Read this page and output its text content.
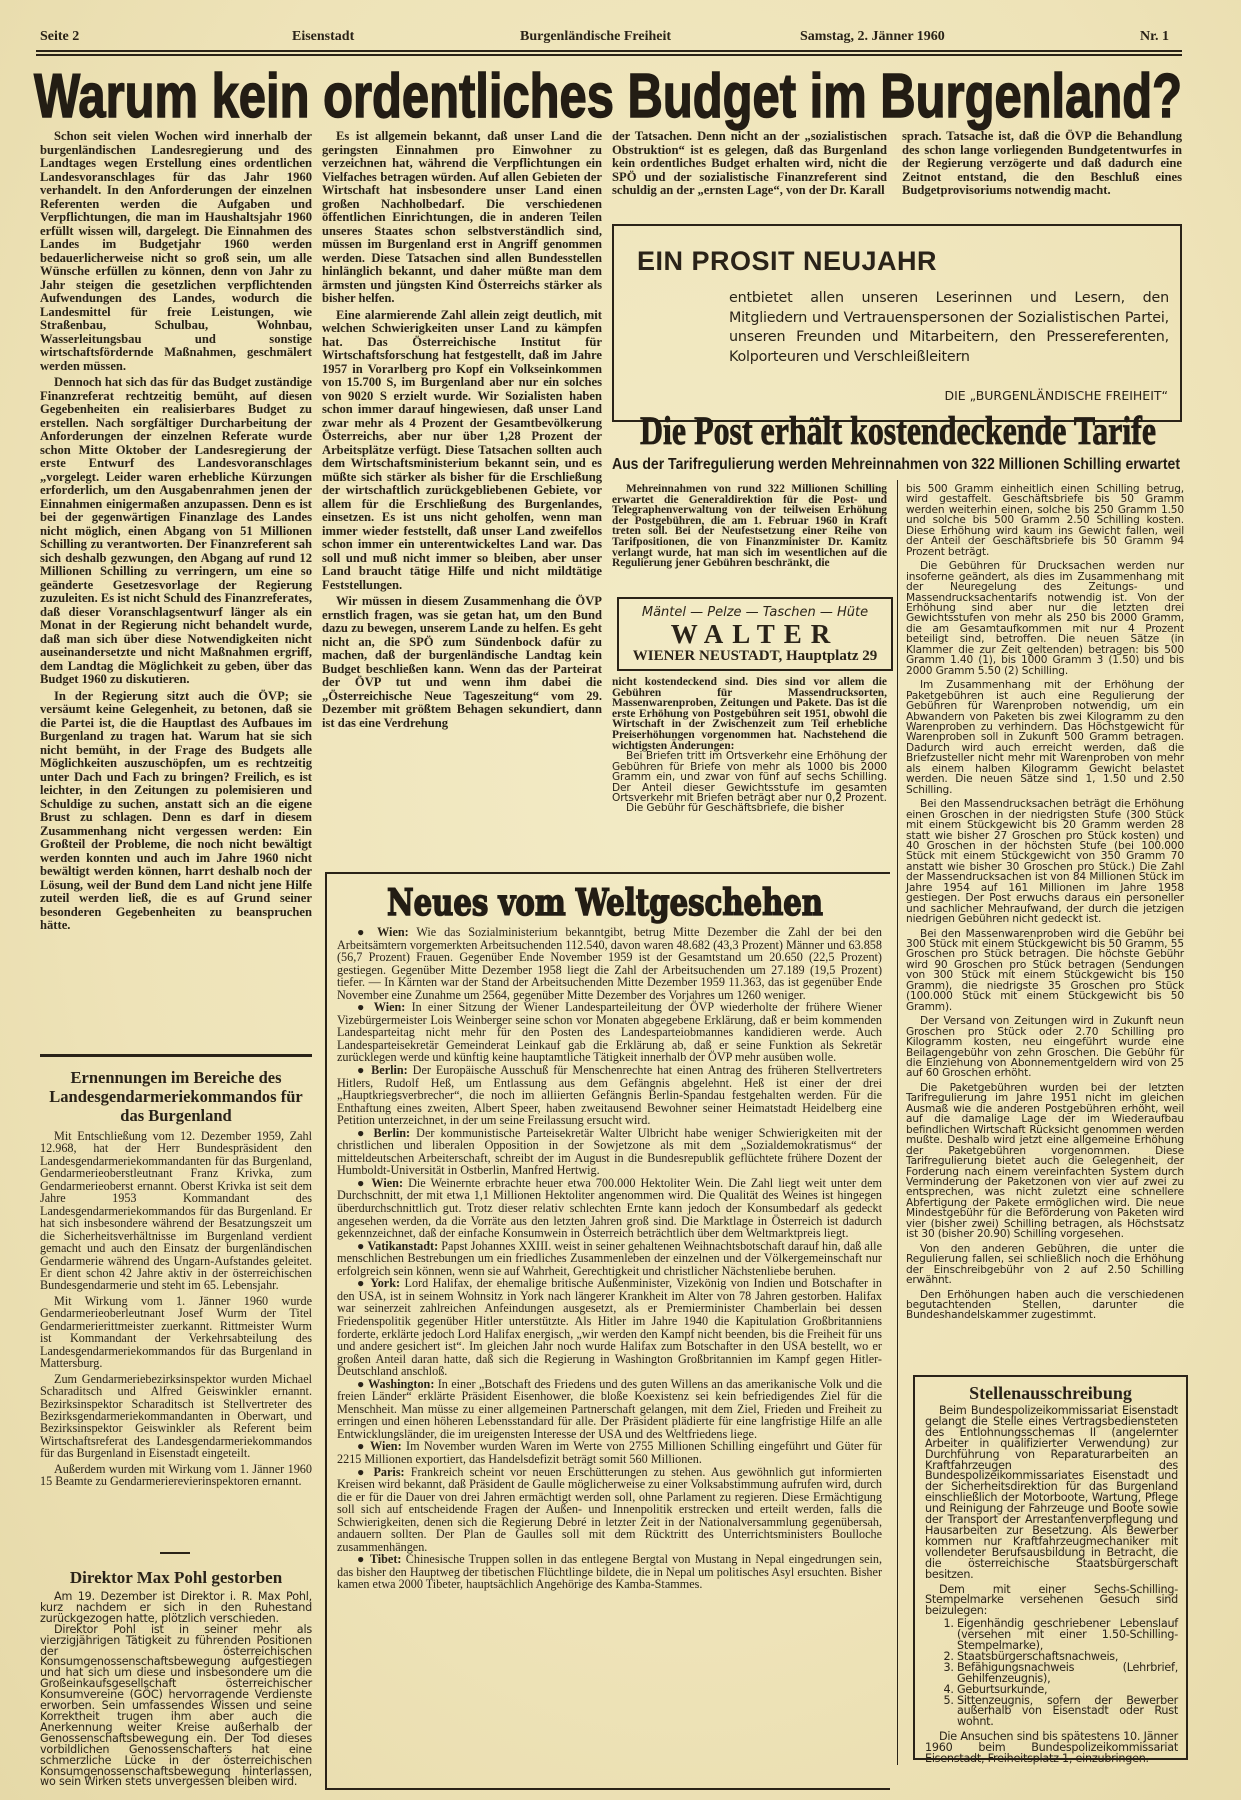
Seite 2	Eisenstadt	Burgenländische Freiheit	Samstag, 2. Jänner 1960	Nr. 1
Warum kein ordentliches Budget im Burgenland?

Schon seit vielen Wochen wird innerhalb der burgenländischen Landesregierung und des Landtages wegen Erstellung eines ordentlichen Landesvoranschlages für das Jahr 1960 verhandelt. In den Anforderungen der einzelnen Referenten werden die Aufgaben und Verpflichtungen, die man im Haushaltsjahr 1960 erfüllt wissen will, dargelegt. Die Einnahmen des Landes im Budgetjahr 1960 werden bedauerlicherweise nicht so groß sein, um alle Wünsche erfüllen zu können, denn von Jahr zu Jahr steigen die gesetzlichen verpflichtenden Aufwendungen des Landes, wodurch die Landesmittel für freie Leistungen, wie Straßenbau, Schulbau, Wohnbau, Wasserleitungsbau und sonstige wirtschaftsfördernde Maßnahmen, geschmälert werden müssen.

Dennoch hat sich das für das Budget zuständige Finanzreferat rechtzeitig bemüht, auf diesen Gegebenheiten ein realisierbares Budget zu erstellen. Nach sorgfältiger Durcharbeitung der Anforderungen der einzelnen Referate wurde schon Mitte Oktober der Landesregierung der erste Entwurf des Landesvoranschlages „vorgelegt. Leider waren erhebliche Kürzungen erforderlich, um den Ausgabenrahmen jenen der Einnahmen einigermaßen anzupassen. Denn es ist bei der gegenwärtigen Finanzlage des Landes nicht möglich, einen Abgang von 51 Millionen Schilling zu verantworten. Der Finanzreferent sah sich deshalb gezwungen, den Abgang auf rund 12 Millionen Schilling zu verringern, um eine so geänderte Gesetzesvorlage der Regierung zuzuleiten. Es ist nicht Schuld des Finanzreferates, daß dieser Voranschlagsentwurf länger als ein Monat in der Regierung nicht behandelt wurde, daß man sich über diese Notwendigkeiten nicht auseinandersetzte und nicht Maßnahmen ergriff, dem Landtag die Möglichkeit zu geben, über das Budget 1960 zu diskutieren.

In der Regierung sitzt auch die ÖVP; sie versäumt keine Gelegenheit, zu betonen, daß sie die Partei ist, die die Hauptlast des Aufbaues im Burgenland zu tragen hat. Warum hat sie sich nicht bemüht, in der Frage des Budgets alle Möglichkeiten auszuschöpfen, um es rechtzeitig unter Dach und Fach zu bringen? Freilich, es ist leichter, in den Zeitungen zu polemisieren und Schuldige zu suchen, anstatt sich an die eigene Brust zu schlagen. Denn es darf in diesem Zusammenhang nicht vergessen werden: Ein Großteil der Probleme, die noch nicht bewältigt werden konnten und auch im Jahre 1960 nicht bewältigt werden können, harrt deshalb noch der Lösung, weil der Bund dem Land nicht jene Hilfe zuteil werden ließ, die es auf Grund seiner besonderen Gegebenheiten zu beanspruchen hätte.

Es ist allgemein bekannt, daß unser Land die geringsten Einnahmen pro Einwohner zu verzeichnen hat, während die Verpflichtungen ein Vielfaches betragen würden. Auf allen Gebieten der Wirtschaft hat insbesondere unser Land einen großen Nachholbedarf. Die verschiedenen öffentlichen Einrichtungen, die in anderen Teilen unseres Staates schon selbstverständlich sind, müssen im Burgenland erst in Angriff genommen werden. Diese Tatsachen sind allen Bundesstellen hinlänglich bekannt, und daher müßte man dem ärmsten und jüngsten Kind Österreichs stärker als bisher helfen.

Eine alarmierende Zahl allein zeigt deutlich, mit welchen Schwierigkeiten unser Land zu kämpfen hat. Das Österreichische Institut für Wirtschaftsforschung hat festgestellt, daß im Jahre 1957 in Vorarlberg pro Kopf ein Volkseinkommen von 15.700 S, im Burgenland aber nur ein solches von 9020 S erzielt wurde. Wir Sozialisten haben schon immer darauf hingewiesen, daß unser Land zwar mehr als 4 Prozent der Gesamtbevölkerung Österreichs, aber nur über 1,28 Prozent der Arbeitsplätze verfügt. Diese Tatsachen sollten auch dem Wirtschaftsministerium bekannt sein, und es müßte sich stärker als bisher für die Erschließung der wirtschaftlich zurückgebliebenen Gebiete, vor allem für die Erschließung des Burgenlandes, einsetzen. Es ist uns nicht geholfen, wenn man immer wieder feststellt, daß unser Land zweifellos schon immer ein unterentwickeltes Land war. Das soll und muß nicht immer so bleiben, aber unser Land braucht tätige Hilfe und nicht mildtätige Feststellungen.

Wir müssen in diesem Zusammenhang die ÖVP ernstlich fragen, was sie getan hat, um den Bund dazu zu bewegen, unserem Lande zu helfen. Es geht nicht an, die SPÖ zum Sündenbock dafür zu machen, daß der burgenländische Landtag kein Budget beschließen kann. Wenn das der Parteirat der ÖVP tut und wenn ihm dabei die „Österreichische Neue Tageszeitung“ vom 29. Dezember mit größtem Behagen sekundiert, dann ist das eine Verdrehung

der Tatsachen. Denn nicht an der „sozialistischen Obstruktion“ ist es gelegen, daß das Burgenland kein ordentliches Budget erhalten wird, nicht die SPÖ und der sozialistische Finanzreferent sind schuldig an der „ernsten Lage“, von der Dr. Karall

sprach. Tatsache ist, daß die ÖVP die Behandlung des schon lange vorliegenden Bundgetentwurfes in der Regierung verzögerte und daß dadurch eine Zeitnot entstand, die den Beschluß eines Budgetprovisoriums notwendig macht.

EIN PROSIT NEUJAHR
entbietet allen unseren Leserinnen und Lesern, den Mitgliedern und Vertrauenspersonen der Sozialistischen Partei, unseren Freunden und Mitarbeitern, den Pressereferenten, Kolporteuren und Verschleißleitern
DIE „BURGENLÄNDISCHE FREIHEIT“
Die Post erhält kostendeckende Tarife
Aus der Tarifregulierung werden Mehreinnahmen von 322 Millionen Schilling erwartet

Mehreinnahmen von rund 322 Millionen Schilling erwartet die Generaldirektion für die Post- und Telegraphenverwaltung von der teilweisen Erhöhung der Postgebühren, die am 1. Februar 1960 in Kraft treten soll. Bei der Neufestsetzung einer Reihe von Tarifpositionen, die von Finanzminister Dr. Kamitz verlangt wurde, hat man sich im wesentlichen auf die Regulierung jener Gebühren beschränkt, die

Mäntel — Pelze — Taschen — Hüte
WALTER
WIENER NEUSTADT, Hauptplatz 29

nicht kostendeckend sind. Dies sind vor allem die Gebühren für Massendrucksorten, Massenwarenproben, Zeitungen und Pakete. Das ist die erste Erhöhung von Postgebühren seit 1951, obwohl die Wirtschaft in der Zwischenzeit zum Teil erhebliche Preiserhöhungen vorgenommen hat. Nachstehend die wichtigsten Änderungen:

Bei Briefen tritt im Ortsverkehr eine Erhöhung der Gebühren für Briefe von mehr als 1000 bis 2000 Gramm ein, und zwar von fünf auf sechs Schilling. Der Anteil dieser Gewichtsstufe im gesamten Ortsverkehr mit Briefen beträgt aber nur 0,2 Prozent.

Die Gebühr für Geschäftsbriefe, die bisher

bis 500 Gramm einheitlich einen Schilling betrug, wird gestaffelt. Geschäftsbriefe bis 50 Gramm werden weiterhin einen, solche bis 250 Gramm 1.50 und solche bis 500 Gramm 2.50 Schilling kosten. Diese Erhöhung wird kaum ins Gewicht fallen, weil der Anteil der Geschäftsbriefe bis 50 Gramm 94 Prozent beträgt.

Die Gebühren für Drucksachen werden nur insoferne geändert, als dies im Zusammenhang mit der Neuregelung des Zeitungs- und Massendrucksachentarifs notwendig ist. Von der Erhöhung sind aber nur die letzten drei Gewichtsstufen von mehr als 250 bis 2000 Gramm, die am Gesamtaufkommen mit nur 4 Prozent beteiligt sind, betroffen. Die neuen Sätze (in Klammer die zur Zeit geltenden) betragen: bis 500 Gramm 1.40 (1), bis 1000 Gramm 3 (1.50) und bis 2000 Gramm 5.50 (2) Schilling.

Im Zusammenhang mit der Erhöhung der Paketgebühren ist auch eine Regulierung der Gebühren für Warenproben notwendig, um ein Abwandern von Paketen bis zwei Kilogramm zu den Warenproben zu verhindern. Das Höchstgewicht für Warenproben soll in Zukunft 500 Gramm betragen. Dadurch wird auch erreicht werden, daß die Briefzusteller nicht mehr mit Warenproben von mehr als einem halben Kilogramm Gewicht belastet werden. Die neuen Sätze sind 1, 1.50 und 2.50 Schilling.

Bei den Massendrucksachen beträgt die Erhöhung einen Groschen in der niedrigsten Stufe (300 Stück mit einem Stückgewicht bis 20 Gramm werden 28 statt wie bisher 27 Groschen pro Stück kosten) und 40 Groschen in der höchsten Stufe (bei 100.000 Stück mit einem Stückgewicht von 350 Gramm 70 anstatt wie bisher 30 Groschen pro Stück.) Die Zahl der Massendrucksachen ist von 84 Millionen Stück im Jahre 1954 auf 161 Millionen im Jahre 1958 gestiegen. Der Post erwuchs daraus ein personeller und sachlicher Mehraufwand, der durch die jetzigen niedrigen Gebühren nicht gedeckt ist.

Bei den Massenwarenproben wird die Gebühr bei 300 Stück mit einem Stückgewicht bis 50 Gramm, 55 Groschen pro Stück betragen. Die höchste Gebühr wird 90 Groschen pro Stück betragen (Sendungen von 300 Stück mit einem Stückgewicht bis 150 Gramm), die niedrigste 35 Groschen pro Stück (100.000 Stück mit einem Stückgewicht bis 50 Gramm).

Der Versand von Zeitungen wird in Zukunft neun Groschen pro Stück oder 2.70 Schilling pro Kilogramm kosten, neu eingeführt wurde eine Beilagengebühr von zehn Groschen. Die Gebühr für die Einziehung von Abonnementgeldern wird von 25 auf 60 Groschen erhöht.

Die Paketgebühren wurden bei der letzten Tarifregulierung im Jahre 1951 nicht im gleichen Ausmaß wie die anderen Postgebühren erhöht, weil auf die damalige Lage der im Wiederaufbau befindlichen Wirtschaft Rücksicht genommen werden mußte. Deshalb wird jetzt eine allgemeine Erhöhung der Paketgebühren vorgenommen. Diese Tarifregulierung bietet auch die Gelegenheit, der Forderung nach einem vereinfachten System durch Verminderung der Paketzonen von vier auf zwei zu entsprechen, was nicht zuletzt eine schnellere Abfertigung der Pakete ermöglichen wird. Die neue Mindestgebühr für die Beförderung von Paketen wird vier (bisher zwei) Schilling betragen, als Höchstsatz ist 30 (bisher 20.90) Schilling vorgesehen.

Von den anderen Gebühren, die unter die Regulierung fallen, sei schließlich noch die Erhöhung der Einschreibgebühr von 2 auf 2.50 Schilling erwähnt.

Den Erhöhungen haben auch die verschiedenen begutachtenden Stellen, darunter die Bundeshandelskammer zugestimmt.

Neues vom Weltgeschehen

● Wien: Wie das Sozialministerium bekanntgibt, betrug Mitte Dezember die Zahl der bei den Arbeitsämtern vorgemerkten Arbeitsuchenden 112.540, davon waren 48.682 (43,3 Prozent) Männer und 63.858 (56,7 Prozent) Frauen. Gegenüber Ende November 1959 ist der Gesamtstand um 20.650 (22,5 Prozent) gestiegen. Gegenüber Mitte Dezember 1958 liegt die Zahl der Arbeitsuchenden um 27.189 (19,5 Prozent) tiefer. — In Kärnten war der Stand der Arbeitsuchenden Mitte Dezember 1959 11.363, das ist gegenüber Ende November eine Zunahme um 2564, gegenüber Mitte Dezember des Vorjahres um 1260 weniger.

● Wien: In einer Sitzung der Wiener Landesparteileitung der ÖVP wiederholte der frühere Wiener Vizebürgermeister Lois Weinberger seine schon vor Monaten abgegebene Erklärung, daß er beim kommenden Landesparteitag nicht mehr für den Posten des Landesparteiobmannes kandidieren werde. Auch Landesparteisekretär Gemeinderat Leinkauf gab die Erklärung ab, daß er seine Funktion als Sekretär zurücklegen werde und künftig keine hauptamtliche Tätigkeit innerhalb der ÖVP mehr ausüben wolle.

● Berlin: Der Europäische Ausschuß für Menschenrechte hat einen Antrag des früheren Stellvertreters Hitlers, Rudolf Heß, um Entlassung aus dem Gefängnis abgelehnt. Heß ist einer der drei „Hauptkriegsverbrecher“, die noch im alliierten Gefängnis Berlin-Spandau festgehalten werden. Für die Enthaftung eines zweiten, Albert Speer, haben zweitausend Bewohner seiner Heimatstadt Heidelberg eine Petition unterzeichnet, in der um seine Freilassung ersucht wird.

● Berlin: Der kommunistische Parteisekretär Walter Ulbricht habe weniger Schwierigkeiten mit der christlichen und liberalen Opposition in der Sowjetzone als mit dem „Sozialdemokratismus“ der mitteldeutschen Arbeiterschaft, schreibt der im August in die Bundesrepublik geflüchtete frühere Dozent der Humboldt-Universität in Ostberlin, Manfred Hertwig.

● Wien: Die Weinernte erbrachte heuer etwa 700.000 Hektoliter Wein. Die Zahl liegt weit unter dem Durchschnitt, der mit etwa 1,1 Millionen Hektoliter angenommen wird. Die Qualität des Weines ist hingegen überdurchschnittlich gut. Trotz dieser relativ schlechten Ernte kann jedoch der Konsumbedarf als gedeckt angesehen werden, da die Vorräte aus den letzten Jahren groß sind. Die Marktlage in Österreich ist dadurch gekennzeichnet, daß der einfache Konsumwein in Österreich beträchtlich über dem Weltmarktpreis liegt.

● Vatikanstadt: Papst Johannes XXIII. weist in seiner gehaltenen Weihnachtsbotschaft darauf hin, daß alle menschlichen Bestrebungen um ein friedliches Zusammenleben der einzelnen und der Völkergemeinschaft nur erfolgreich sein können, wenn sie auf Wahrheit, Gerechtigkeit und christlicher Nächstenliebe beruhen.

● York: Lord Halifax, der ehemalige britische Außenminister, Vizekönig von Indien und Botschafter in den USA, ist in seinem Wohnsitz in York nach längerer Krankheit im Alter von 78 Jahren gestorben. Halifax war seinerzeit zahlreichen Anfeindungen ausgesetzt, als er Premierminister Chamberlain bei dessen Friedenspolitik gegenüber Hitler unterstützte. Als Hitler im Jahre 1940 die Kapitulation Großbritanniens forderte, erklärte jedoch Lord Halifax energisch, „wir werden den Kampf nicht beenden, bis die Freiheit für uns und andere gesichert ist“. Im gleichen Jahr noch wurde Halifax zum Botschafter in den USA bestellt, wo er großen Anteil daran hatte, daß sich die Regierung in Washington Großbritannien im Kampf gegen Hitler-Deutschland anschloß.

● Washington: In einer „Botschaft des Friedens und des guten Willens an das amerikanische Volk und die freien Länder“ erklärte Präsident Eisenhower, die bloße Koexistenz sei kein befriedigendes Ziel für die Menschheit. Man müsse zu einer allgemeinen Partnerschaft gelangen, mit dem Ziel, Frieden und Freiheit zu erringen und einen höheren Lebensstandard für alle. Der Präsident plädierte für eine langfristige Hilfe an alle Entwicklungsländer, die im ureigensten Interesse der USA und des Weltfriedens liege.

● Wien: Im November wurden Waren im Werte von 2755 Millionen Schilling eingeführt und Güter für 2215 Millionen exportiert, das Handelsdefizit beträgt somit 560 Millionen.

● Paris: Frankreich scheint vor neuen Erschütterungen zu stehen. Aus gewöhnlich gut informierten Kreisen wird bekannt, daß Präsident de Gaulle möglicherweise zu einer Volksabstimmung aufrufen wird, durch die er für die Dauer von drei Jahren ermächtigt werden soll, ohne Parlament zu regieren. Diese Ermächtigung soll sich auf entscheidende Fragen der Außen- und Innenpolitik erstrecken und erteilt werden, falls die Schwierigkeiten, denen sich die Regierung Debré in letzter Zeit in der Nationalversammlung gegenübersah, andauern sollten. Der Plan de Gaulles soll mit dem Rücktritt des Unterrichtsministers Boulloche zusammenhängen.

● Tibet: Chinesische Truppen sollen in das entlegene Bergtal von Mustang in Nepal eingedrungen sein, das bisher den Hauptweg der tibetischen Flüchtlinge bildete, die in Nepal um politisches Asyl ersuchten. Bisher kamen etwa 2000 Tibeter, hauptsächlich Angehörige des Kamba-Stammes.

Ernennungen im Bereiche des Landesgendarmeriekommandos für das Burgenland

Mit Entschließung vom 12. Dezember 1959, Zahl 12.968, hat der Herr Bundespräsident den Landesgendarmeriekommandanten für das Burgenland, Gendarmerieoberstleutnant Franz Krivka, zum Gendarmerieoberst ernannt. Oberst Krivka ist seit dem Jahre 1953 Kommandant des Landesgendarmeriekommandos für das Burgenland. Er hat sich insbesondere während der Besatzungszeit um die Sicherheitsverhältnisse im Burgenland verdient gemacht und auch den Einsatz der burgenländischen Gendarmerie während des Ungarn-Aufstandes geleitet. Er dient schon 42 Jahre aktiv in der österreichischen Bundesgendarmerie und steht im 65. Lebensjahr.

Mit Wirkung vom 1. Jänner 1960 wurde Gendarmerieoberleutnant Josef Wurm der Titel Gendarmerierittmeister zuerkannt. Rittmeister Wurm ist Kommandant der Verkehrsabteilung des Landesgendarmeriekommandos für das Burgenland in Mattersburg.

Zum Gendarmeriebezirksinspektor wurden Michael Scharaditsch und Alfred Geiswinkler ernannt. Bezirksinspektor Scharaditsch ist Stellvertreter des Bezirksgendarmeriekommandanten in Oberwart, und Bezirksinspektor Geiswinkler als Referent beim Wirtschaftsreferat des Landesgendarmeriekommandos für das Burgenland in Eisenstadt eingeteilt.

Außerdem wurden mit Wirkung vom 1. Jänner 1960 15 Beamte zu Gendarmerierevierinspektoren ernannt.

Direktor Max Pohl gestorben

Am 19. Dezember ist Direktor i. R. Max Pohl, kurz nachdem er sich in den Ruhestand zurückgezogen hatte, plötzlich verschieden.

Direktor Pohl ist in seiner mehr als vierzigjährigen Tätigkeit zu führenden Positionen der österreichischen Konsumgenossenschaftsbewegung aufgestiegen und hat sich um diese und insbesondere um die Großeinkaufsgesellschaft österreichischer Konsumvereine (GÖC) hervorragende Verdienste erworben. Sein umfassendes Wissen und seine Korrektheit trugen ihm aber auch die Anerkennung weiter Kreise außerhalb der Genossenschaftsbewegung ein. Der Tod dieses vorbildlichen Genossenschafters hat eine schmerzliche Lücke in der österreichischen Konsumgenossenschaftsbewegung hinterlassen, wo sein Wirken stets unvergessen bleiben wird.

Stellenausschreibung

Beim Bundespolizeikommissariat Eisenstadt gelangt die Stelle eines Vertragsbediensteten des Entlohnungsschemas II (angelernter Arbeiter in qualifizierter Verwendung) zur Durchführung von Reparaturarbeiten an Kraftfahrzeugen des Bundespolizeikommissariates Eisenstadt und der Sicherheitsdirektion für das Burgenland einschließlich der Motorboote, Wartung, Pflege und Reinigung der Fahrzeuge und Boote sowie der Transport der Arrestantenverpflegung und Hausarbeiten zur Besetzung. Als Bewerber kommen nur Kraftfahrzeugmechaniker mit vollendeter Berufsausbildung in Betracht, die die österreichische Staatsbürgerschaft besitzen.

Dem mit einer Sechs-Schilling-Stempelmarke versehenen Gesuch sind beizulegen:

1. Eigenhändig geschriebener Lebenslauf (versehen mit einer 1.50-Schilling-Stempelmarke),
2. Staatsbürgerschaftsnachweis,
3. Befähigungsnachweis (Lehrbrief, Gehilfenzeugnis),
4. Geburtsurkunde,
5. Sittenzeugnis, sofern der Bewerber außerhalb von Eisenstadt oder Rust wohnt.

Die Ansuchen sind bis spätestens 10. Jänner 1960 beim Bundespolizeikommissariat Eisenstadt, Freiheitsplatz 1, einzubringen.
